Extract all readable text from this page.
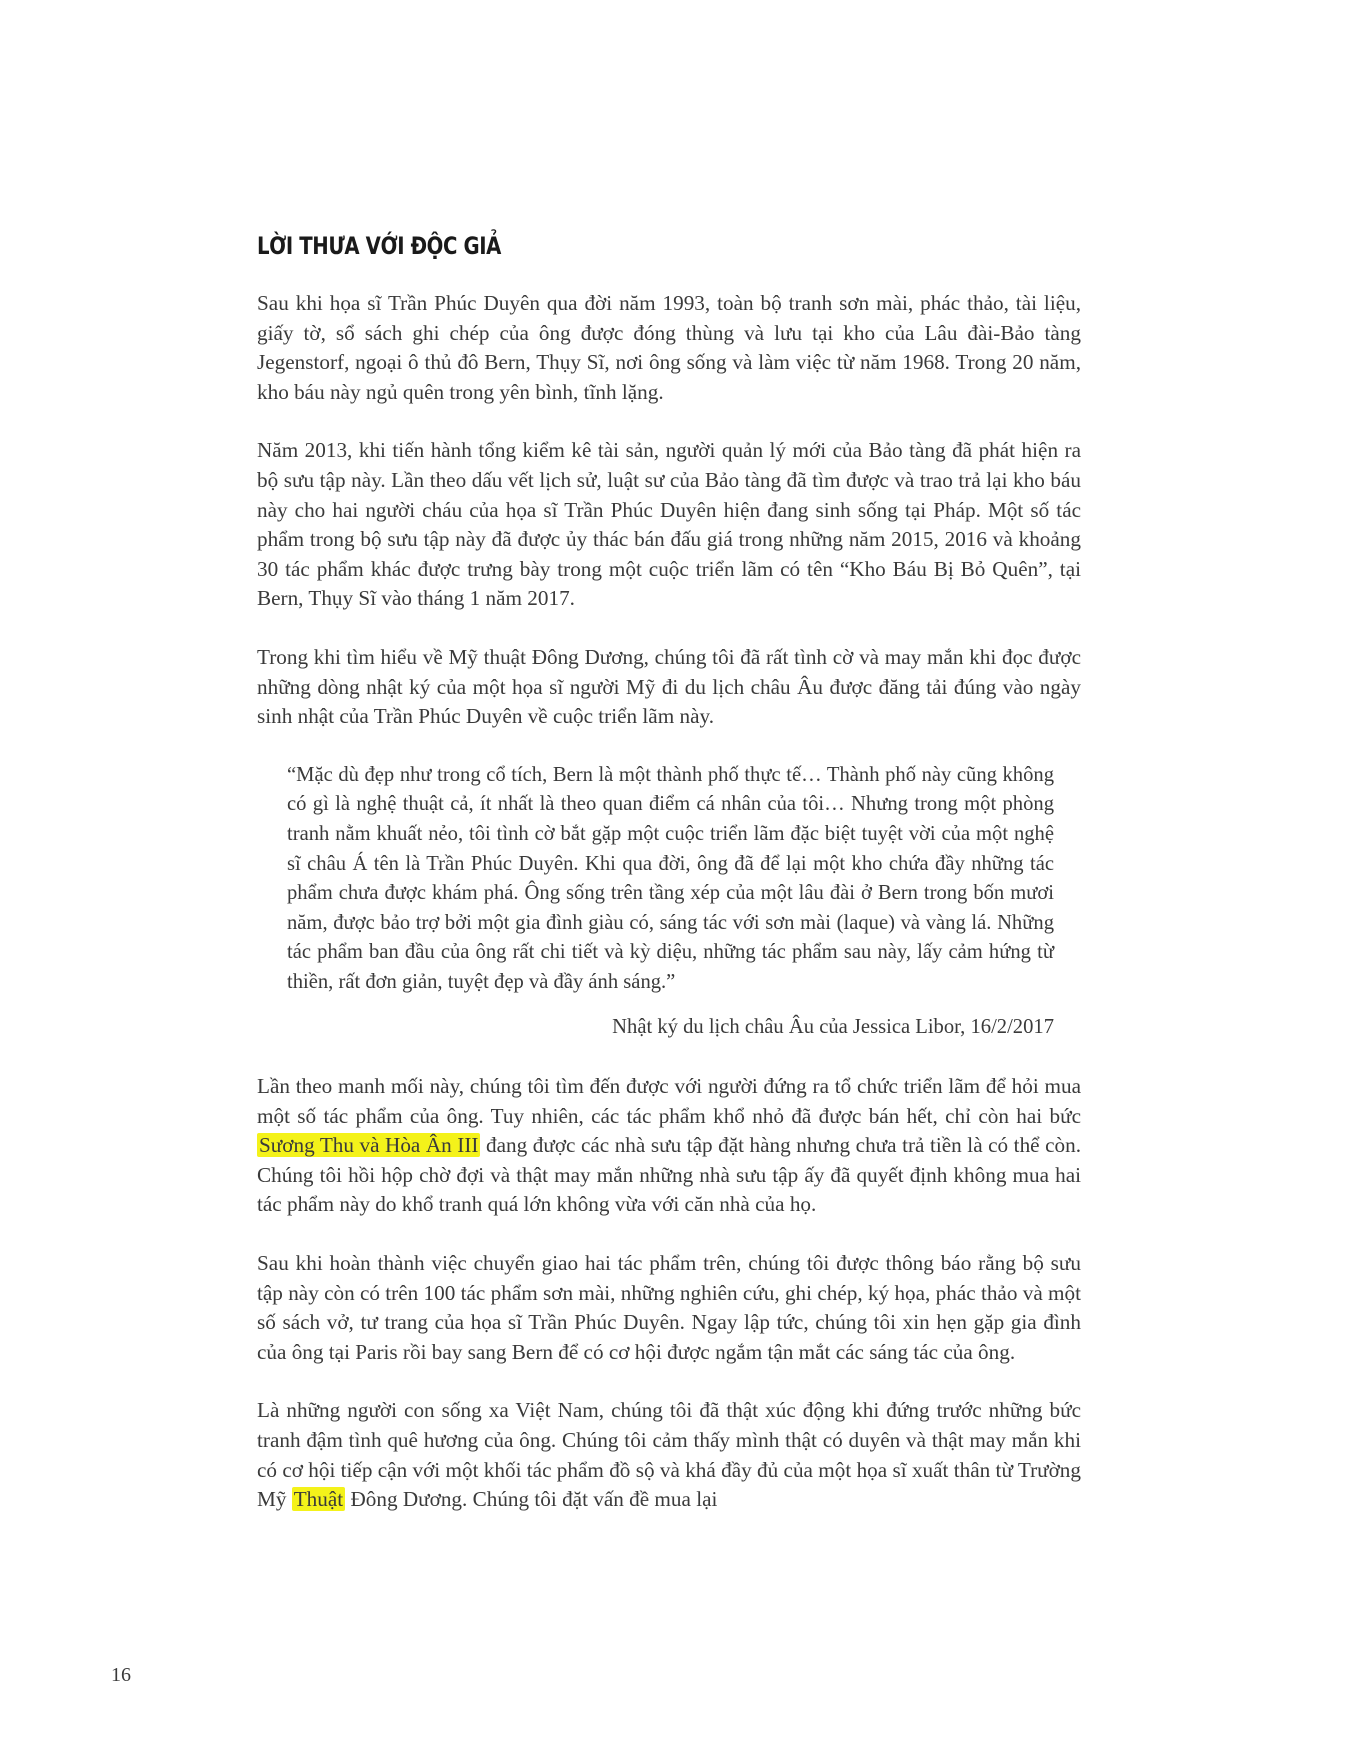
LỜI THƯA VỚI ĐỘC GIẢ

Sau khi họa sĩ Trần Phúc Duyên qua đời năm 1993, toàn bộ tranh sơn mài, phác thảo, tài liệu, giấy tờ, sổ sách ghi chép của ông được đóng thùng và lưu tại kho của Lâu đài-Bảo tàng Jegenstorf, ngoại ô thủ đô Bern, Thụy Sĩ, nơi ông sống và làm việc từ năm 1968. Trong 20 năm, kho báu này ngủ quên trong yên bình, tĩnh lặng.

Năm 2013, khi tiến hành tổng kiểm kê tài sản, người quản lý mới của Bảo tàng đã phát hiện ra bộ sưu tập này. Lần theo dấu vết lịch sử, luật sư của Bảo tàng đã tìm được và trao trả lại kho báu này cho hai người cháu của họa sĩ Trần Phúc Duyên hiện đang sinh sống tại Pháp. Một số tác phẩm trong bộ sưu tập này đã được ủy thác bán đấu giá trong những năm 2015, 2016 và khoảng 30 tác phẩm khác được trưng bày trong một cuộc triển lãm có tên “Kho Báu Bị Bỏ Quên”, tại Bern, Thụy Sĩ vào tháng 1 năm 2017.

Trong khi tìm hiểu về Mỹ thuật Đông Dương, chúng tôi đã rất tình cờ và may mắn khi đọc được những dòng nhật ký của một họa sĩ người Mỹ đi du lịch châu Âu được đăng tải đúng vào ngày sinh nhật của Trần Phúc Duyên về cuộc triển lãm này.

“Mặc dù đẹp như trong cổ tích, Bern là một thành phố thực tế… Thành phố này cũng không có gì là nghệ thuật cả, ít nhất là theo quan điểm cá nhân của tôi… Nhưng trong một phòng tranh nằm khuất nẻo, tôi tình cờ bắt gặp một cuộc triển lãm đặc biệt tuyệt vời của một nghệ sĩ châu Á tên là Trần Phúc Duyên. Khi qua đời, ông đã để lại một kho chứa đầy những tác phẩm chưa được khám phá. Ông sống trên tầng xép của một lâu đài ở Bern trong bốn mươi năm, được bảo trợ bởi một gia đình giàu có, sáng tác với sơn mài (laque) và vàng lá. Những tác phẩm ban đầu của ông rất chi tiết và kỳ diệu, những tác phẩm sau này, lấy cảm hứng từ thiền, rất đơn giản, tuyệt đẹp và đầy ánh sáng.”

Nhật ký du lịch châu Âu của Jessica Libor, 16/2/2017

Lần theo manh mối này, chúng tôi tìm đến được với người đứng ra tổ chức triển lãm để hỏi mua một số tác phẩm của ông. Tuy nhiên, các tác phẩm khổ nhỏ đã được bán hết, chỉ còn hai bức Sương Thu và Hòa Ân III đang được các nhà sưu tập đặt hàng nhưng chưa trả tiền là có thể còn. Chúng tôi hồi hộp chờ đợi và thật may mắn những nhà sưu tập ấy đã quyết định không mua hai tác phẩm này do khổ tranh quá lớn không vừa với căn nhà của họ.

Sau khi hoàn thành việc chuyển giao hai tác phẩm trên, chúng tôi được thông báo rằng bộ sưu tập này còn có trên 100 tác phẩm sơn mài, những nghiên cứu, ghi chép, ký họa, phác thảo và một số sách vở, tư trang của họa sĩ Trần Phúc Duyên. Ngay lập tức, chúng tôi xin hẹn gặp gia đình của ông tại Paris rồi bay sang Bern để có cơ hội được ngắm tận mắt các sáng tác của ông.

Là những người con sống xa Việt Nam, chúng tôi đã thật xúc động khi đứng trước những bức tranh đậm tình quê hương của ông. Chúng tôi cảm thấy mình thật có duyên và thật may mắn khi có cơ hội tiếp cận với một khối tác phẩm đồ sộ và khá đầy đủ của một họa sĩ xuất thân từ Trường Mỹ Thuật Đông Dương. Chúng tôi đặt vấn đề mua lại

16
